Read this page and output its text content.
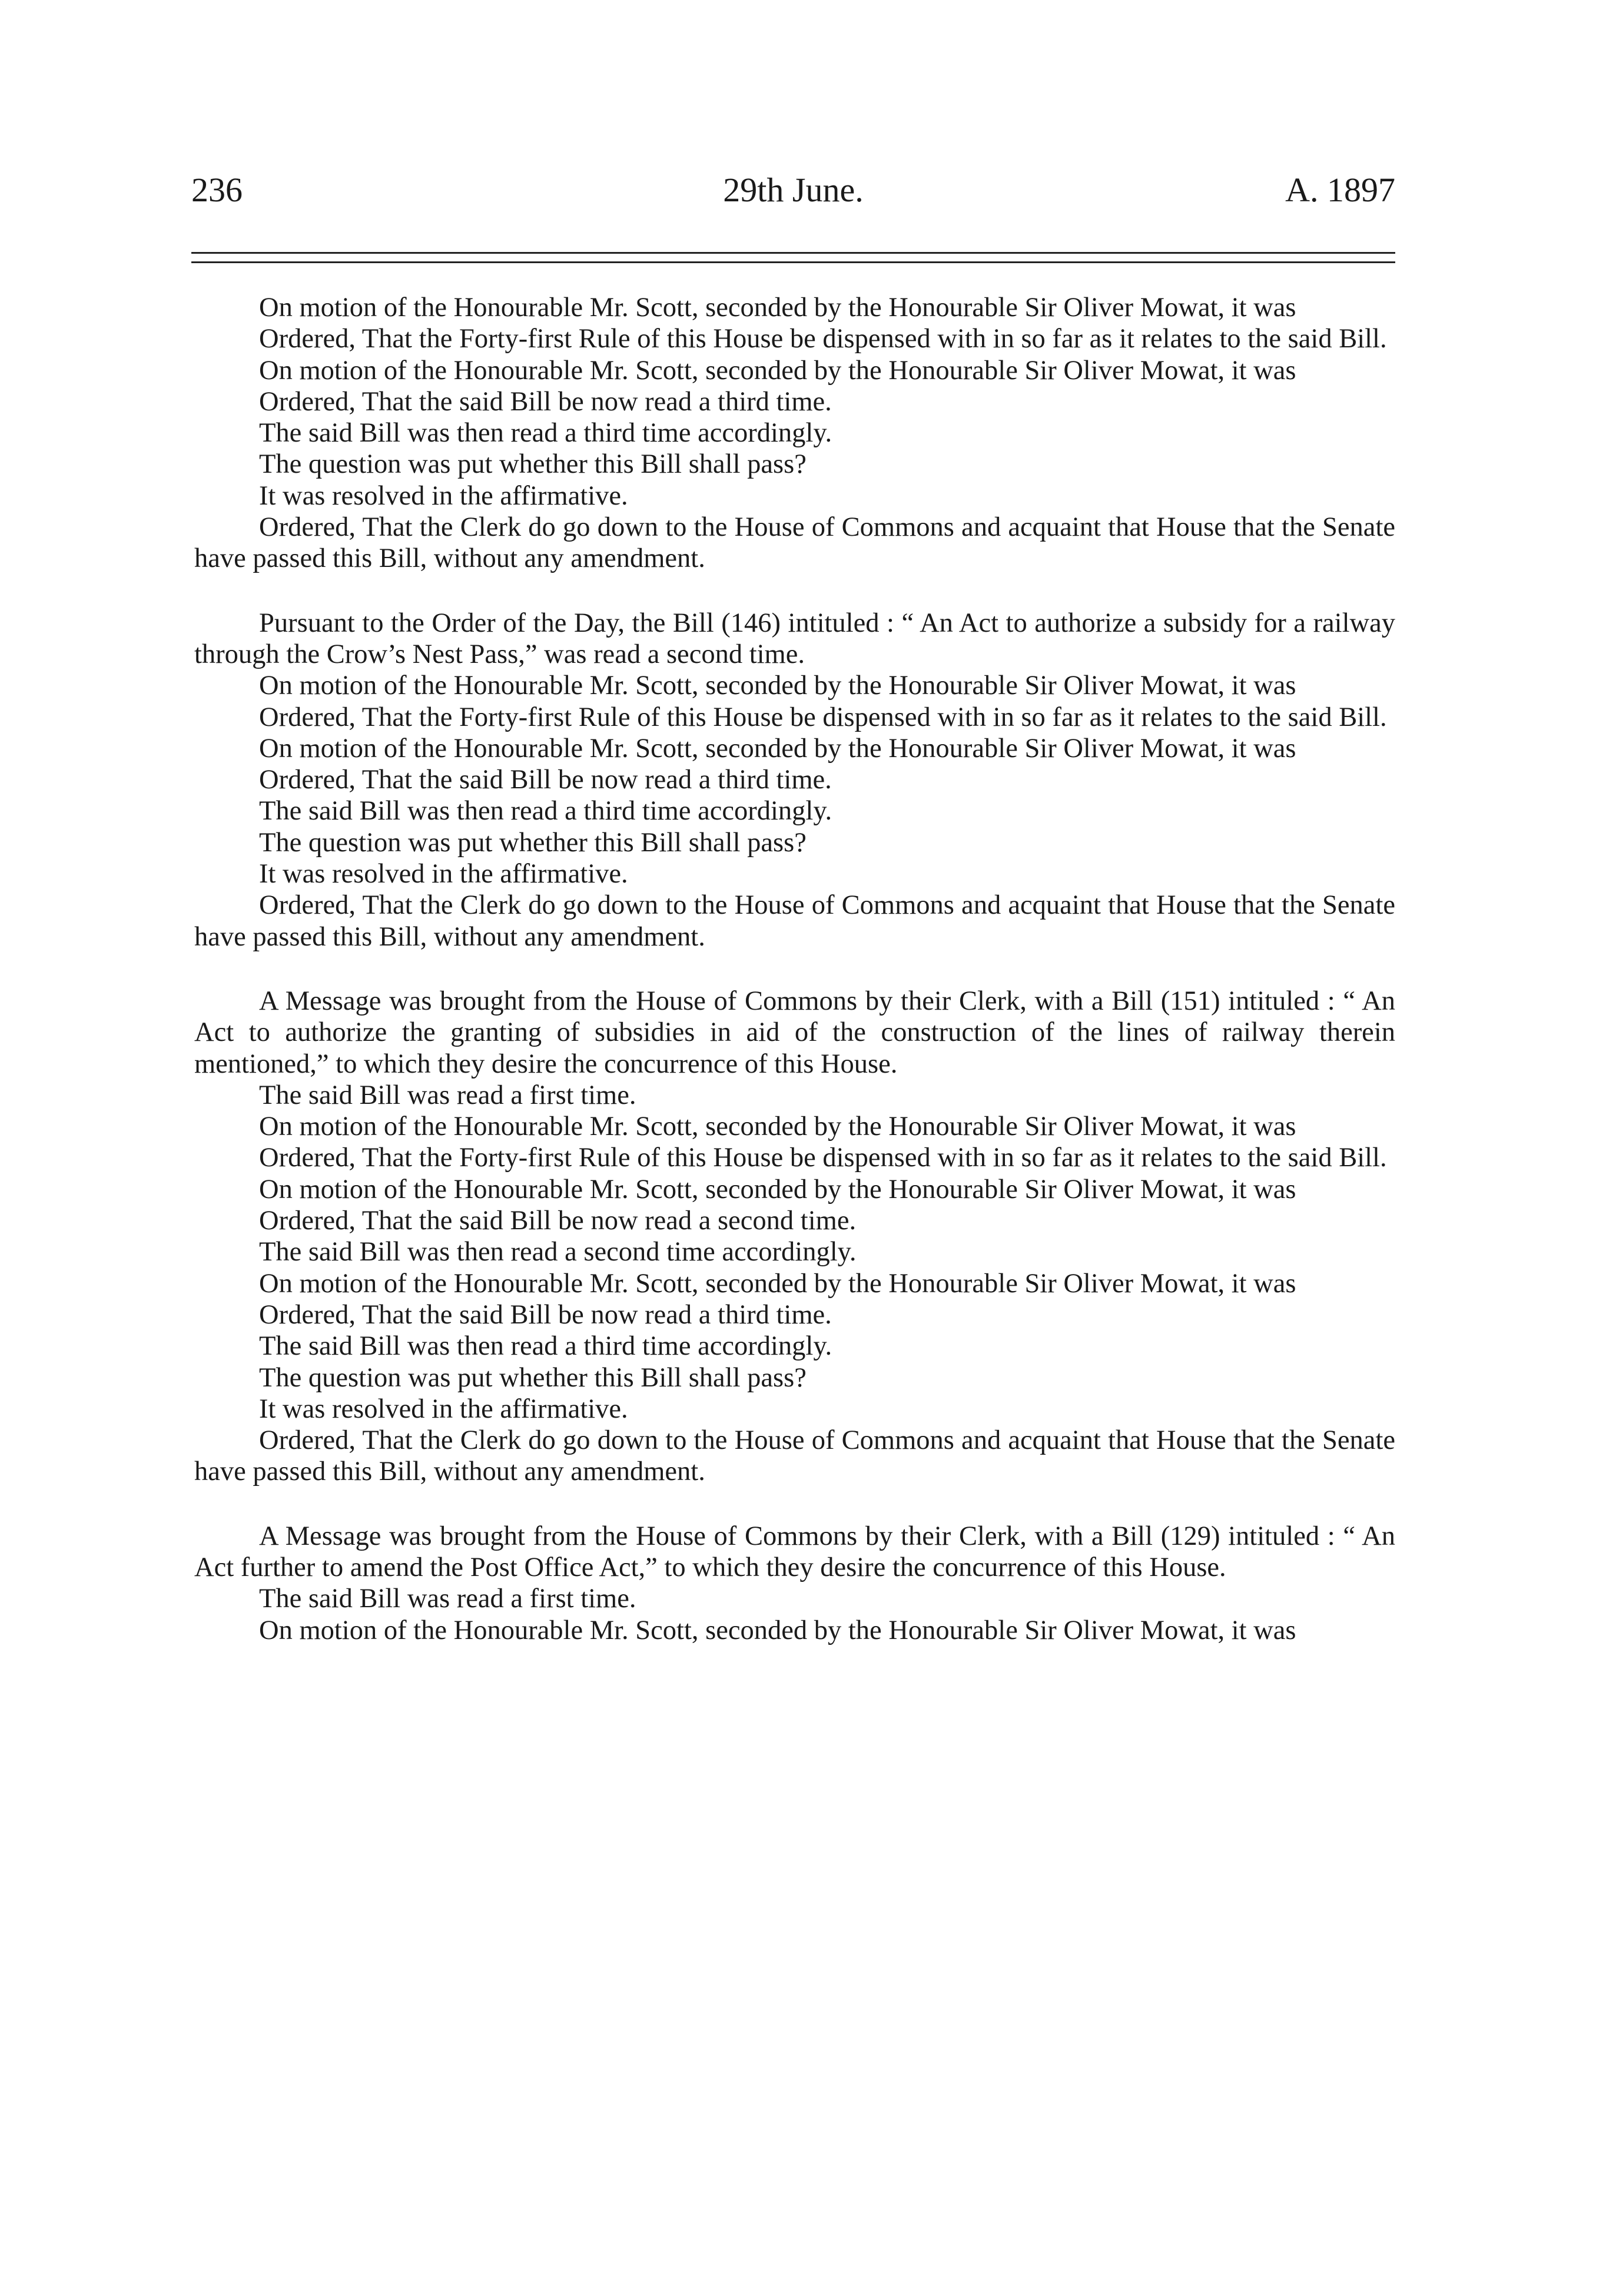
236	29th June.	A. 1897

On motion of the Honourable Mr. Scott, seconded by the Honourable Sir Oliver Mowat, it was

Ordered, That the Forty-first Rule of this House be dispensed with in so far as it relates to the said Bill.

On motion of the Honourable Mr. Scott, seconded by the Honourable Sir Oliver Mowat, it was

Ordered, That the said Bill be now read a third time.

The said Bill was then read a third time accordingly.

The question was put whether this Bill shall pass?

It was resolved in the affirmative.

Ordered, That the Clerk do go down to the House of Commons and acquaint that House that the Senate have passed this Bill, without any amendment.

Pursuant to the Order of the Day, the Bill (146) intituled : “ An Act to authorize a subsidy for a railway through the Crow’s Nest Pass,” was read a second time.

On motion of the Honourable Mr. Scott, seconded by the Honourable Sir Oliver Mowat, it was

Ordered, That the Forty-first Rule of this House be dispensed with in so far as it relates to the said Bill.

On motion of the Honourable Mr. Scott, seconded by the Honourable Sir Oliver Mowat, it was

Ordered, That the said Bill be now read a third time.

The said Bill was then read a third time accordingly.

The question was put whether this Bill shall pass?

It was resolved in the affirmative.

Ordered, That the Clerk do go down to the House of Commons and acquaint that House that the Senate have passed this Bill, without any amendment.

A Message was brought from the House of Commons by their Clerk, with a Bill (151) intituled : “ An Act to authorize the granting of subsidies in aid of the construction of the lines of railway therein mentioned,” to which they desire the concurrence of this House.

The said Bill was read a first time.

On motion of the Honourable Mr. Scott, seconded by the Honourable Sir Oliver Mowat, it was

Ordered, That the Forty-first Rule of this House be dispensed with in so far as it relates to the said Bill.

On motion of the Honourable Mr. Scott, seconded by the Honourable Sir Oliver Mowat, it was

Ordered, That the said Bill be now read a second time.

The said Bill was then read a second time accordingly.

On motion of the Honourable Mr. Scott, seconded by the Honourable Sir Oliver Mowat, it was

Ordered, That the said Bill be now read a third time.

The said Bill was then read a third time accordingly.

The question was put whether this Bill shall pass?

It was resolved in the affirmative.

Ordered, That the Clerk do go down to the House of Commons and acquaint that House that the Senate have passed this Bill, without any amendment.

A Message was brought from the House of Commons by their Clerk, with a Bill (129) intituled : “ An Act further to amend the Post Office Act,” to which they desire the concurrence of this House.

The said Bill was read a first time.

On motion of the Honourable Mr. Scott, seconded by the Honourable Sir Oliver Mowat, it was
